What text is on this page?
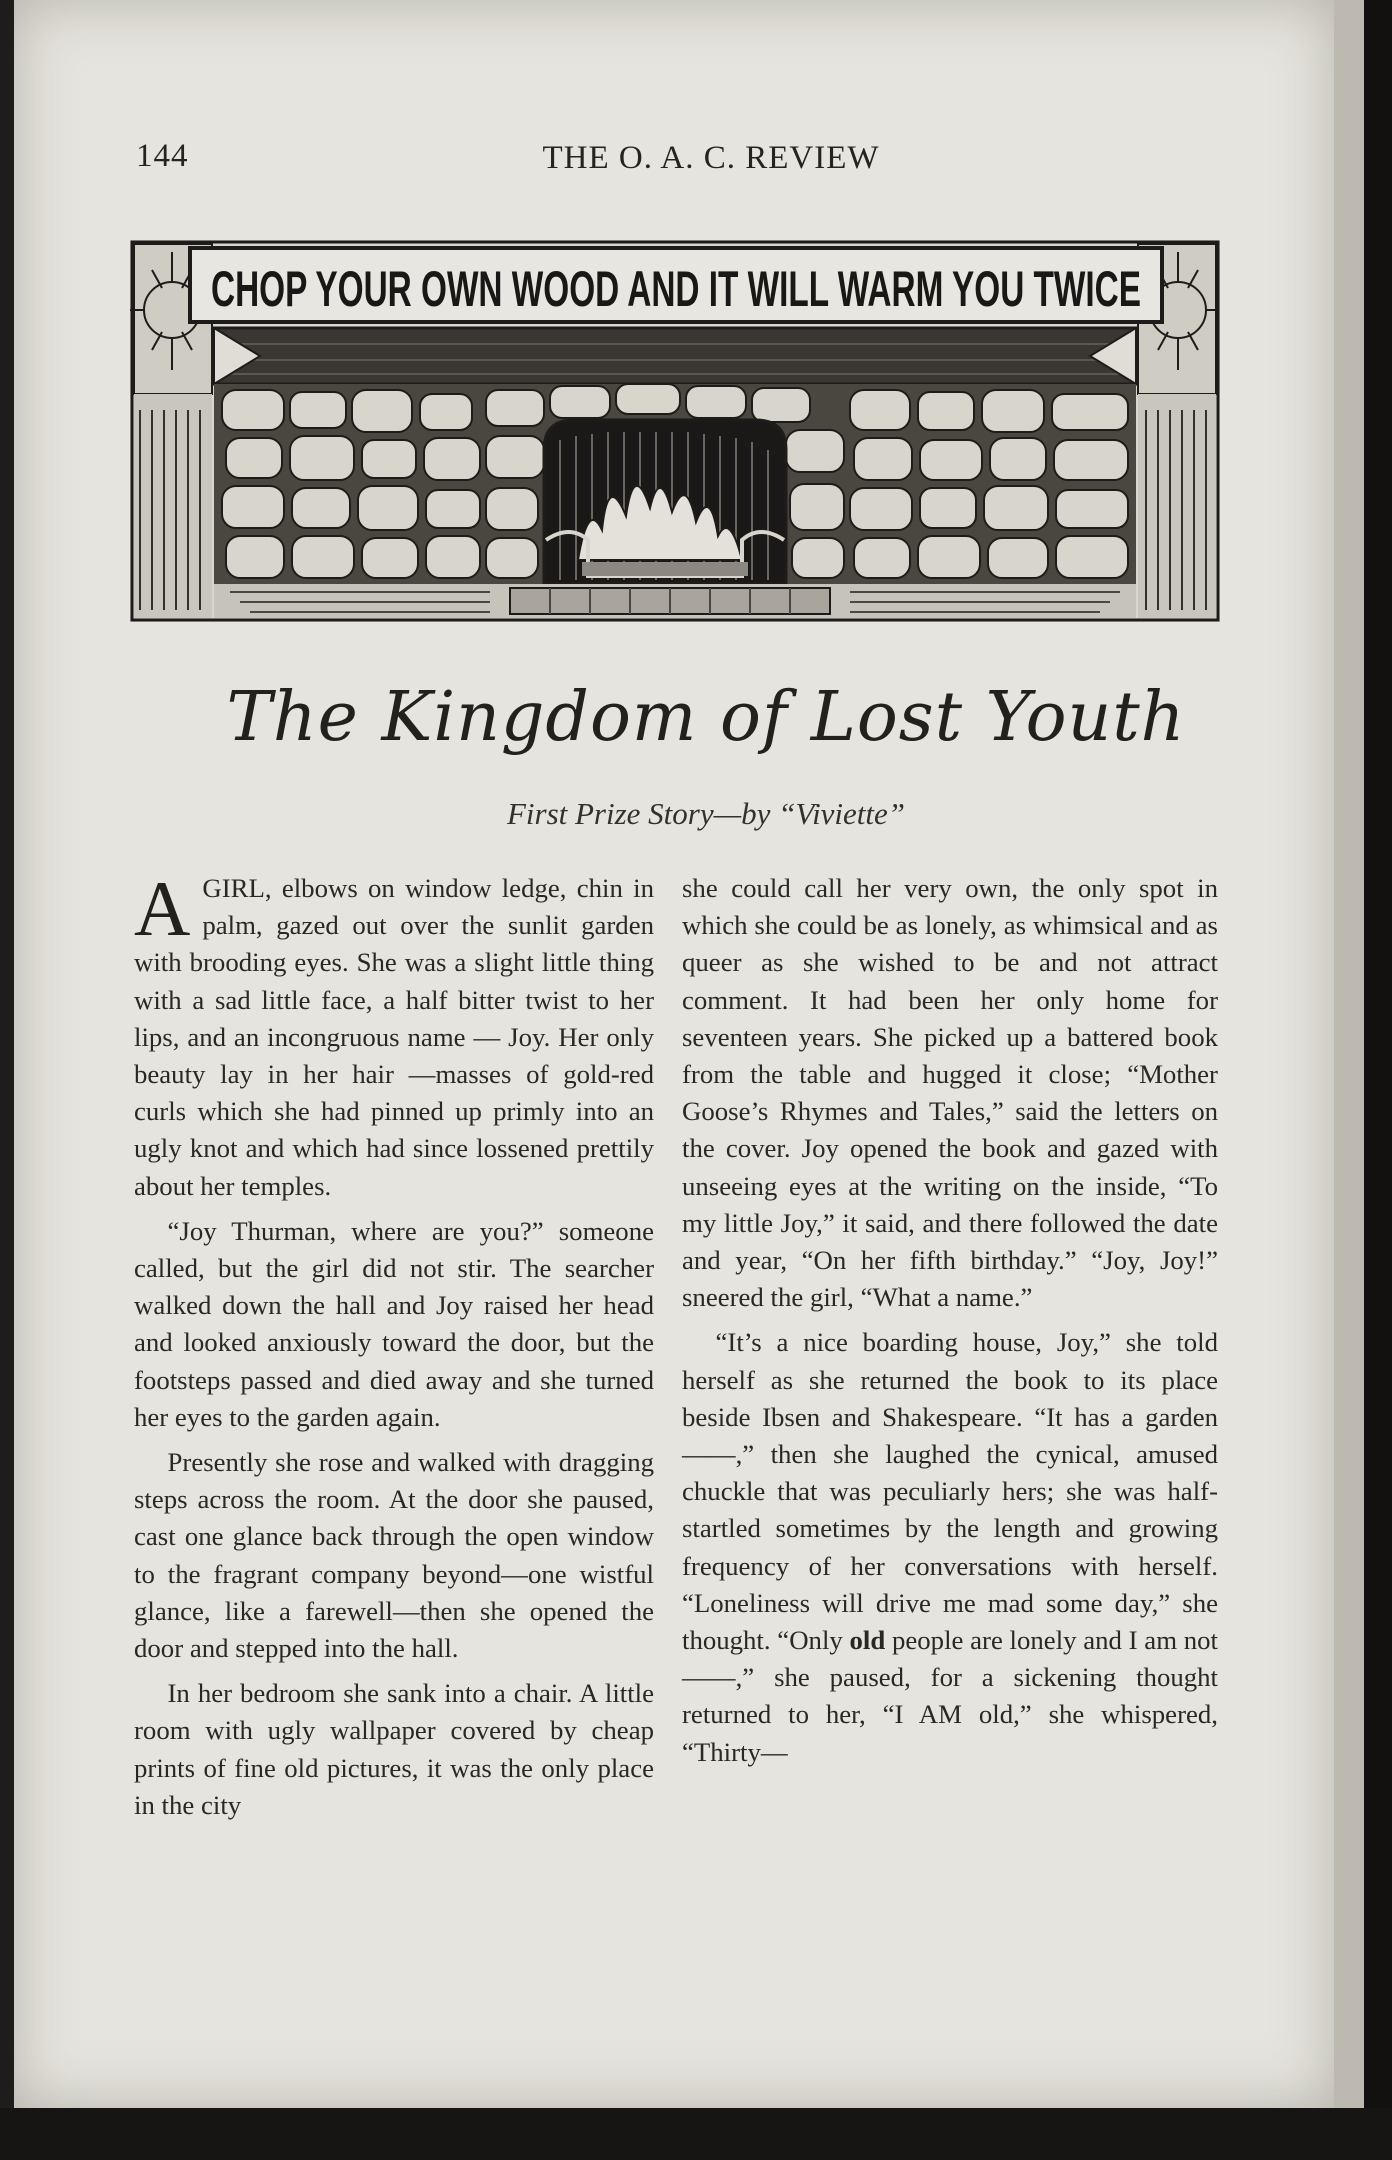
144	THE O. A. C. REVIEW
CHOP YOUR OWN WOOD AND IT WILL WARM YOU TWICE
The Kingdom of Lost Youth
First Prize Story—by “Viviette”

AGIRL, elbows on window ledge, chin in palm, gazed out over the sunlit garden with brooding eyes. She was a slight little thing with a sad little face, a half bitter twist to her lips, and an incongruous name — Joy. Her only beauty lay in her hair —masses of gold-red curls which she had pinned up primly into an ugly knot and which had since lossened prettily about her temples.

“Joy Thurman, where are you?” someone called, but the girl did not stir. The searcher walked down the hall and Joy raised her head and looked anxiously toward the door, but the footsteps passed and died away and she turned her eyes to the garden again.

Presently she rose and walked with dragging steps across the room. At the door she paused, cast one glance back through the open window to the fragrant company beyond—one wistful glance, like a farewell—then she opened the door and stepped into the hall.

In her bedroom she sank into a chair. A little room with ugly wallpaper covered by cheap prints of fine old pictures, it was the only place in the city

she could call her very own, the only spot in which she could be as lonely, as whimsical and as queer as she wished to be and not attract comment. It had been her only home for seventeen years. She picked up a battered book from the table and hugged it close; “Mother Goose’s Rhymes and Tales,” said the letters on the cover. Joy opened the book and gazed with unseeing eyes at the writing on the inside, “To my little Joy,” it said, and there followed the date and year, “On her fifth birthday.” “Joy, Joy!” sneered the girl, “What a name.”

“It’s a nice boarding house, Joy,” she told herself as she returned the book to its place beside Ibsen and Shakespeare. “It has a garden——,” then she laughed the cynical, amused chuckle that was peculiarly hers; she was half-startled sometimes by the length and growing frequency of her conversations with herself. “Loneliness will drive me mad some day,” she thought. “Only old people are lonely and I am not——,” she paused, for a sickening thought returned to her, “I AM old,” she whispered, “Thirty—
